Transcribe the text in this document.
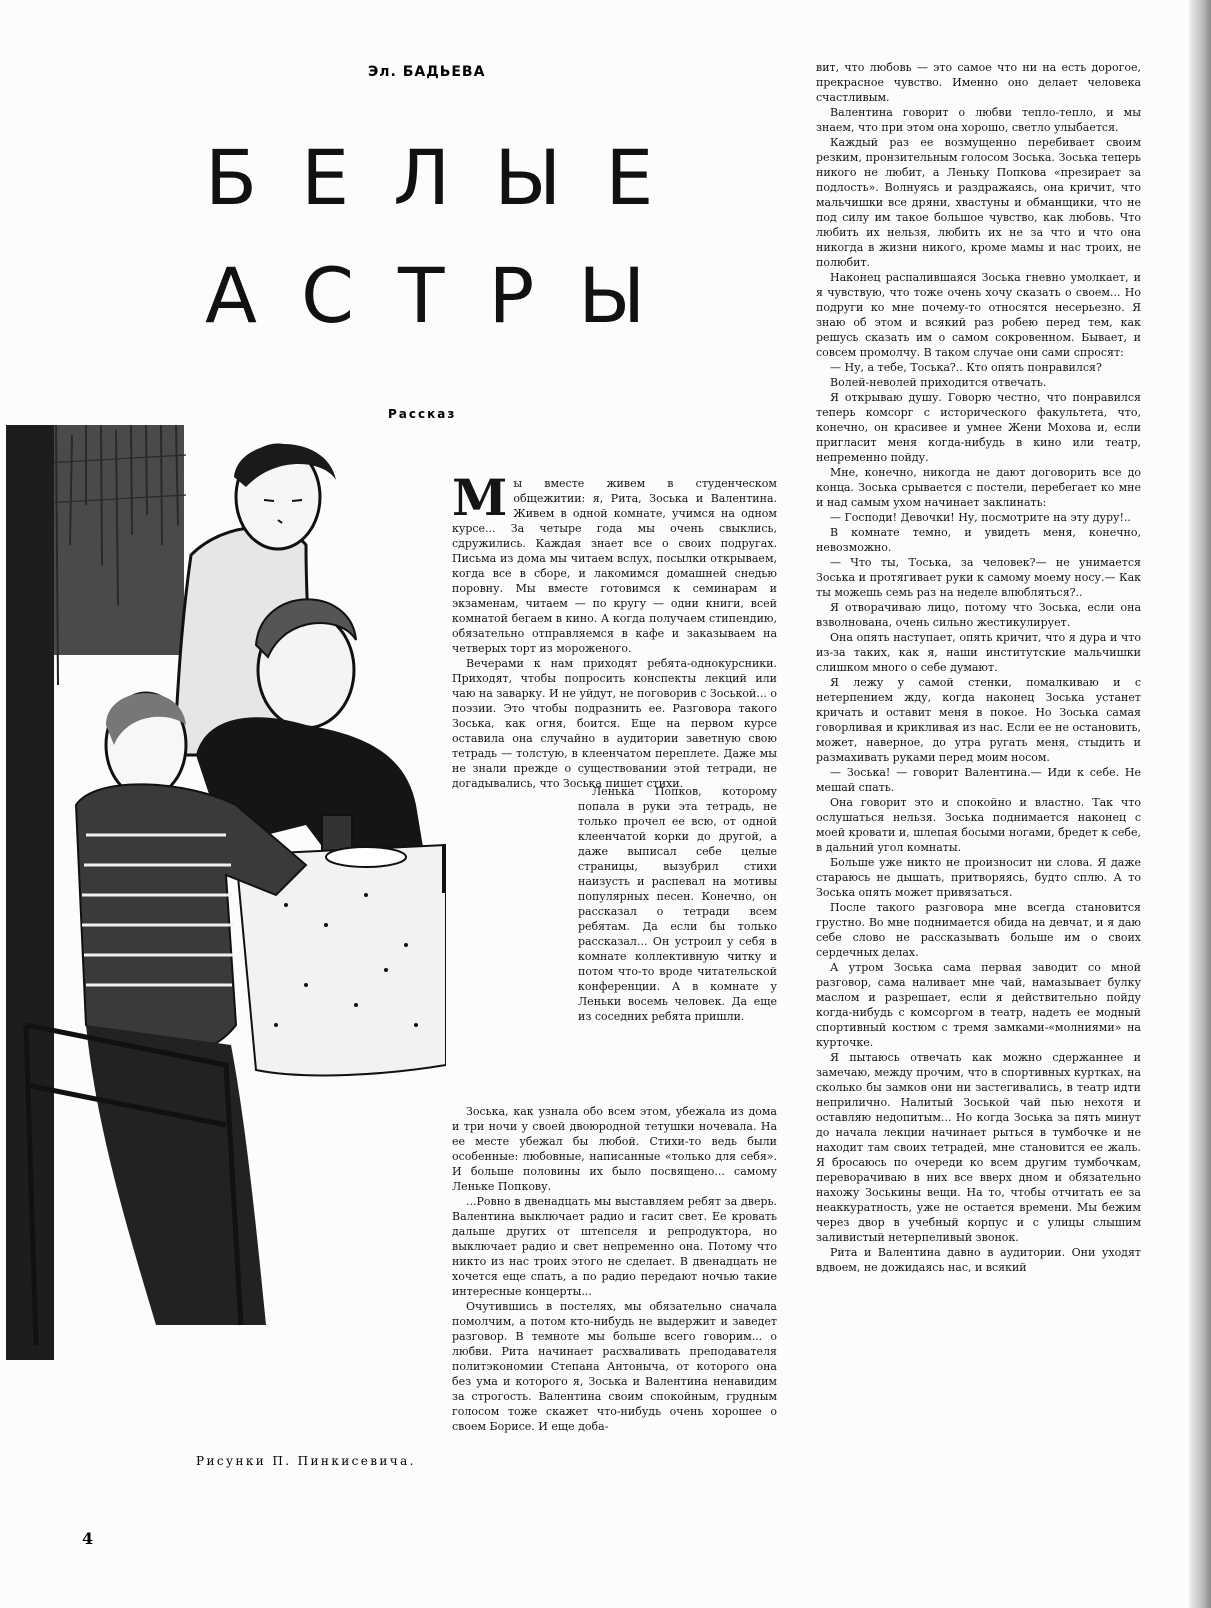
Эл. БАДЬЕВА
БЕЛЫЕ
АСТРЫ
Рассказ

Мы вместе живем в студенческом общежитии: я, Рита, Зоська и Валентина. Живем в одной комнате, учимся на одном курсе... За четыре года мы очень свыклись, сдружились. Каждая знает все о своих подругах. Письма из дома мы читаем вслух, посылки открываем, когда все в сборе, и лакомимся домашней снедью поровну. Мы вместе готовимся к семинарам и экзаменам, читаем — по кругу — одни книги, всей комнатой бегаем в кино. А когда получаем стипендию, обязательно отправляемся в кафе и заказываем на четверых торт из мороженого.

Вечерами к нам приходят ребята-однокурсники. Приходят, чтобы попросить конспекты лекций или чаю на заварку. И не уйдут, не поговорив с Зоськой... о поэзии. Это чтобы подразнить ее. Разговора такого Зоська, как огня, боится. Еще на первом курсе оставила она случайно в аудитории заветную свою тетрадь — толстую, в клеенчатом переплете. Даже мы не знали прежде о существовании этой тетради, не догадывались, что Зоська пишет стихи.

Ленька Попков, которому попала в руки эта тетрадь, не только прочел ее всю, от одной клеенчатой корки до другой, а даже выписал себе целые страницы, вызубрил стихи наизусть и распевал на мотивы популярных песен. Конечно, он рассказал о тетради всем ребятам. Да если бы только рассказал... Он устроил у себя в комнате коллективную читку и потом что-то вроде читательской конференции. А в комнате у Леньки восемь человек. Да еще из соседних ребята пришли.

Зоська, как узнала обо всем этом, убежала из дома и три ночи у своей двоюродной тетушки ночевала. На ее месте убежал бы любой. Стихи-то ведь были особенные: любовные, написанные «только для себя». И больше половины их было посвящено... самому Леньке Попкову.

...Ровно в двенадцать мы выставляем ребят за дверь. Валентина выключает радио и гасит свет. Ее кровать дальше других от штепселя и репродуктора, но выключает радио и свет непременно она. Потому что никто из нас троих этого не сделает. В двенадцать не хочется еще спать, а по радио передают ночью такие интересные концерты...

Очутившись в постелях, мы обязательно сначала помолчим, а потом кто-нибудь не выдержит и заведет разговор. В темноте мы больше всего говорим... о любви. Рита начинает расхваливать преподавателя политэкономии Степана Антоныча, от которого она без ума и которого я, Зоська и Валентина ненавидим за строгость. Валентина своим спокойным, грудным голосом тоже скажет что-нибудь очень хорошее о своем Борисе. И еще доба-

вит, что любовь — это самое что ни на есть дорогое, прекрасное чувство. Именно оно делает человека счастливым.

Валентина говорит о любви тепло-тепло, и мы знаем, что при этом она хорошо, светло улыбается.

Каждый раз ее возмущенно перебивает своим резким, пронзительным голосом Зоська. Зоська теперь никого не любит, а Леньку Попкова «презирает за подлость». Волнуясь и раздражаясь, она кричит, что мальчишки все дряни, хвастуны и обманщики, что не под силу им такое большое чувство, как любовь. Что любить их нельзя, любить их не за что и что она никогда в жизни никого, кроме мамы и нас троих, не полюбит.

Наконец распалившаяся Зоська гневно умолкает, и я чувствую, что тоже очень хочу сказать о своем... Но подруги ко мне почему-то относятся несерьезно. Я знаю об этом и всякий раз робею перед тем, как решусь сказать им о самом сокровенном. Бывает, и совсем промолчу. В таком случае они сами спросят:

— Ну, а тебе, Тоська?.. Кто опять понравился?

Волей-неволей приходится отвечать.

Я открываю душу. Говорю честно, что понравился теперь комсорг с исторического факультета, что, конечно, он красивее и умнее Жени Мохова и, если пригласит меня когда-нибудь в кино или театр, непременно пойду.

Мне, конечно, никогда не дают договорить все до конца. Зоська срывается с постели, перебегает ко мне и над самым ухом начинает заклинать:

— Господи! Девочки! Ну, посмотрите на эту дуру!..

В комнате темно, и увидеть меня, конечно, невозможно.

— Что ты, Тоська, за человек?— не унимается Зоська и протягивает руки к самому моему носу.— Как ты можешь семь раз на неделе влюбляться?..

Я отворачиваю лицо, потому что Зоська, если она взволнована, очень сильно жестикулирует.

Она опять наступает, опять кричит, что я дура и что из-за таких, как я, наши институтские мальчишки слишком много о себе думают.

Я лежу у самой стенки, помалкиваю и с нетерпением жду, когда наконец Зоська устанет кричать и оставит меня в покое. Но Зоська самая говорливая и крикливая из нас. Если ее не остановить, может, наверное, до утра ругать меня, стыдить и размахивать руками перед моим носом.

— Зоська! — говорит Валентина.— Иди к себе. Не мешай спать.

Она говорит это и спокойно и властно. Так что ослушаться нельзя. Зоська поднимается наконец с моей кровати и, шлепая босыми ногами, бредет к себе, в дальний угол комнаты.

Больше уже никто не произносит ни слова. Я даже стараюсь не дышать, притворяясь, будто сплю. А то Зоська опять может привязаться.

После такого разговора мне всегда становится грустно. Во мне поднимается обида на девчат, и я даю себе слово не рассказывать больше им о своих сердечных делах.

А утром Зоська сама первая заводит со мной разговор, сама наливает мне чай, намазывает булку маслом и разрешает, если я действительно пойду когда-нибудь с комсоргом в театр, надеть ее модный спортивный костюм с тремя замками-«молниями» на курточке.

Я пытаюсь отвечать как можно сдержаннее и замечаю, между прочим, что в спортивных куртках, на сколько бы замков они ни застегивались, в театр идти неприлично. Налитый Зоськой чай пью нехотя и оставляю недопитым... Но когда Зоська за пять минут до начала лекции начинает рыться в тумбочке и не находит там своих тетрадей, мне становится ее жаль. Я бросаюсь по очереди ко всем другим тумбочкам, переворачиваю в них все вверх дном и обязательно нахожу Зоськины вещи. На то, чтобы отчитать ее за неаккуратность, уже не остается времени. Мы бежим через двор в учебный корпус и с улицы слышим заливистый нетерпеливый звонок.

Рита и Валентина давно в аудитории. Они уходят вдвоем, не дожидаясь нас, и всякий

Рисунки П. Пинкисевича.
4
